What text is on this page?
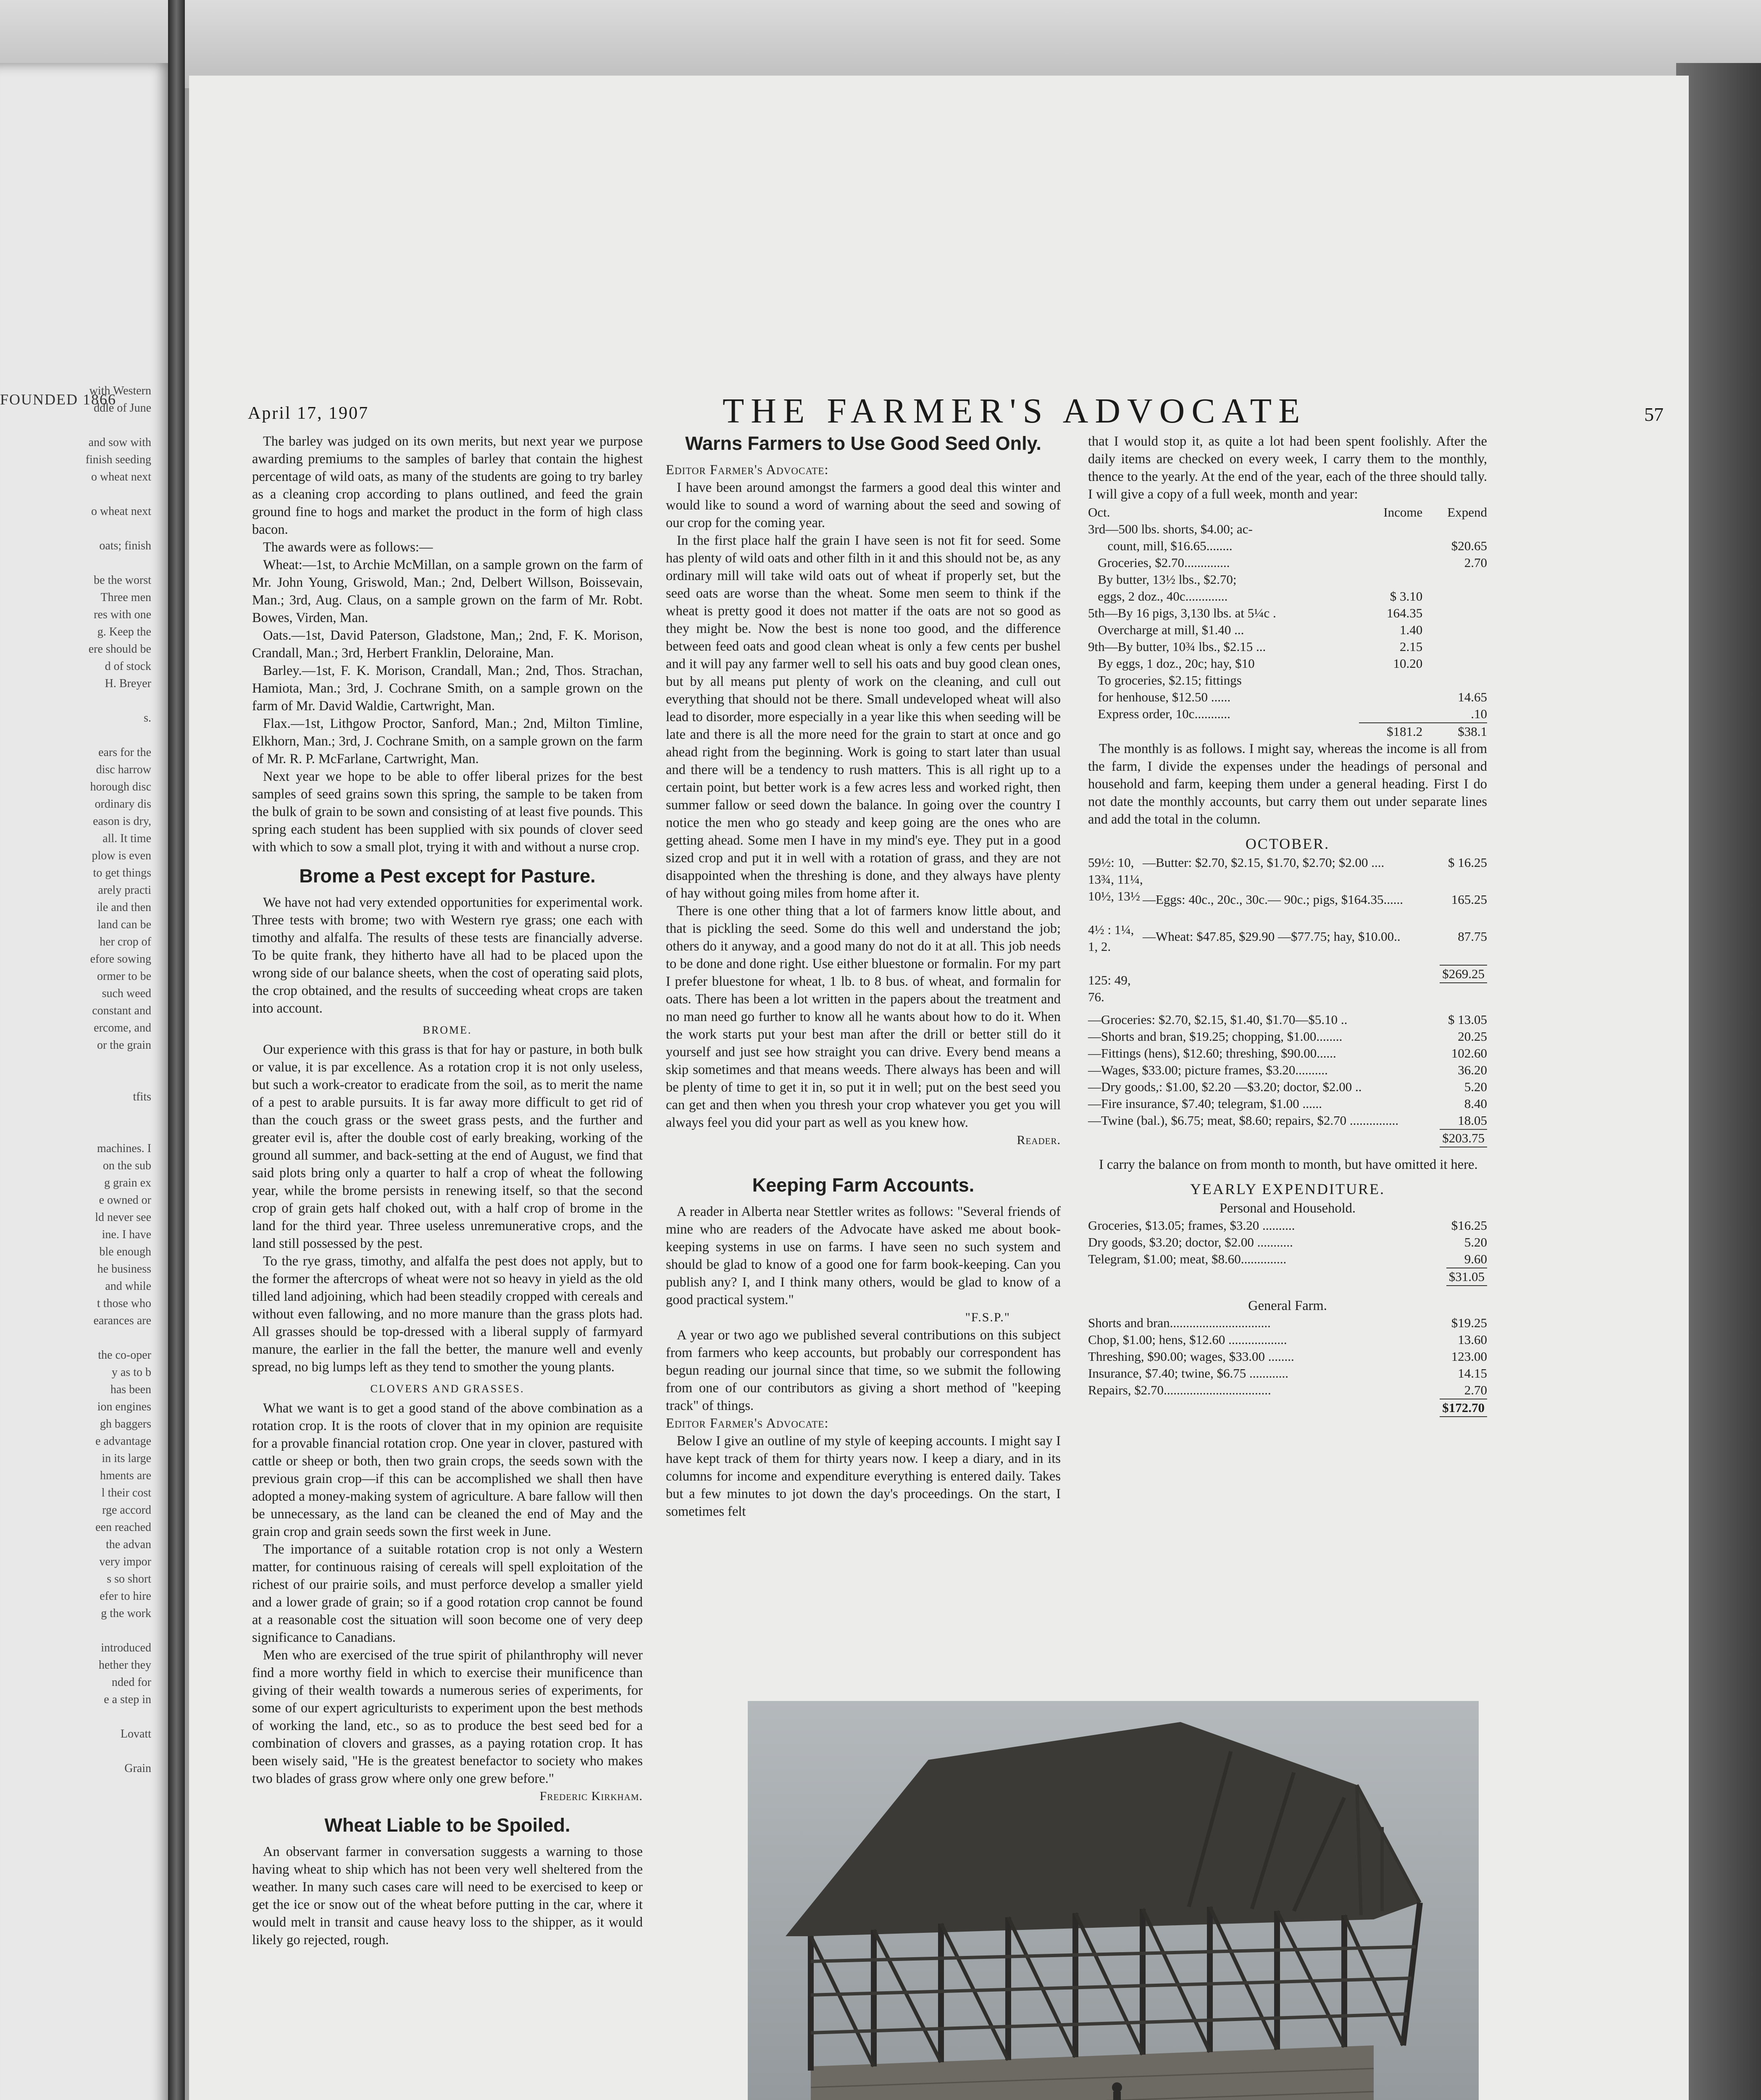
FOUNDED 1866
with Western
ddle of June

and sow with
finish seeding
o wheat next

o wheat next

oats; finish

be the worst
Three men
res with one
g. Keep the
ere should be
d of stock
H. Breyer

s.

ears for the
disc harrow
horough disc
ordinary dis
eason is dry,
all. It time
plow is even
to get things
arely practi
ile and then
land can be
her crop of
efore sowing
ormer to be
such weed
constant and
ercome, and
or the grain

tfits

machines. I
on the sub
g grain ex
e owned or
ld never see
ine. I have
ble enough
he business
and while
t those who
earances are

the co-oper
y as to b
has been
ion engines
gh baggers
e advantage
in its large
hments are
l their cost
rge accord
een reached
the advan
very impor
s so short
efer to hire
g the work

introduced
hether they
nded for
e a step in

Lovatt

Grain
April 17, 1907	THE FARMER'S ADVOCATE	57

The barley was judged on its own merits, but next year we purpose awarding premiums to the samples of barley that contain the highest percentage of wild oats, as many of the students are going to try barley as a cleaning crop according to plans outlined, and feed the grain ground fine to hogs and market the product in the form of high class bacon.

The awards were as follows:—

Wheat:—1st, to Archie McMillan, on a sample grown on the farm of Mr. John Young, Griswold, Man.; 2nd, Delbert Willson, Boissevain, Man.; 3rd, Aug. Claus, on a sample grown on the farm of Mr. Robt. Bowes, Virden, Man.

Oats.—1st, David Paterson, Gladstone, Man,; 2nd, F. K. Morison, Crandall, Man.; 3rd, Herbert Franklin, Deloraine, Man.

Barley.—1st, F. K. Morison, Crandall, Man.; 2nd, Thos. Strachan, Hamiota, Man.; 3rd, J. Cochrane Smith, on a sample grown on the farm of Mr. David Waldie, Cartwright, Man.

Flax.—1st, Lithgow Proctor, Sanford, Man.; 2nd, Milton Timline, Elkhorn, Man.; 3rd, J. Cochrane Smith, on a sample grown on the farm of Mr. R. P. McFarlane, Cartwright, Man.

Next year we hope to be able to offer liberal prizes for the best samples of seed grains sown this spring, the sample to be taken from the bulk of grain to be sown and consisting of at least five pounds. This spring each student has been supplied with six pounds of clover seed with which to sow a small plot, trying it with and without a nurse crop.

Brome a Pest except for Pasture.

We have not had very extended opportunities for experimental work. Three tests with brome; two with Western rye grass; one each with timothy and alfalfa. The results of these tests are financially adverse. To be quite frank, they hitherto have all had to be placed upon the wrong side of our balance sheets, when the cost of operating said plots, the crop obtained, and the results of succeeding wheat crops are taken into account.

BROME.

Our experience with this grass is that for hay or pasture, in both bulk or value, it is par excellence. As a rotation crop it is not only useless, but such a work-creator to eradicate from the soil, as to merit the name of a pest to arable pursuits. It is far away more difficult to get rid of than the couch grass or the sweet grass pests, and the further and greater evil is, after the double cost of early breaking, working of the ground all summer, and back-setting at the end of August, we find that said plots bring only a quarter to half a crop of wheat the following year, while the brome persists in renewing itself, so that the second crop of grain gets half choked out, with a half crop of brome in the land for the third year. Three useless unremunerative crops, and the land still possessed by the pest.

To the rye grass, timothy, and alfalfa the pest does not apply, but to the former the aftercrops of wheat were not so heavy in yield as the old tilled land adjoining, which had been steadily cropped with cereals and without even fallowing, and no more manure than the grass plots had. All grasses should be top-dressed with a liberal supply of farmyard manure, the earlier in the fall the better, the manure well and evenly spread, no big lumps left as they tend to smother the young plants.

CLOVERS AND GRASSES.

What we want is to get a good stand of the above combination as a rotation crop. It is the roots of clover that in my opinion are requisite for a provable financial rotation crop. One year in clover, pastured with cattle or sheep or both, then two grain crops, the seeds sown with the previous grain crop—if this can be accomplished we shall then have adopted a money-making system of agriculture. A bare fallow will then be unnecessary, as the land can be cleaned the end of May and the grain crop and grain seeds sown the first week in June.

The importance of a suitable rotation crop is not only a Western matter, for continuous raising of cereals will spell exploitation of the richest of our prairie soils, and must perforce develop a smaller yield and a lower grade of grain; so if a good rotation crop cannot be found at a reasonable cost the situation will soon become one of very deep significance to Canadians.

Men who are exercised of the true spirit of philanthrophy will never find a more worthy field in which to exercise their munificence than giving of their wealth towards a numerous series of experiments, for some of our expert agriculturists to experiment upon the best methods of working the land, etc., so as to produce the best seed bed for a combination of clovers and grasses, as a paying rotation crop. It has been wisely said, "He is the greatest benefactor to society who makes two blades of grass grow where only one grew before."

Frederic Kirkham.
Wheat Liable to be Spoiled.

An observant farmer in conversation suggests a warning to those having wheat to ship which has not been very well sheltered from the weather. In many such cases care will need to be exercised to keep or get the ice or snow out of the wheat before putting in the car, where it would melt in transit and cause heavy loss to the shipper, as it would likely go rejected, rough.

Warns Farmers to Use Good Seed Only.

Editor Farmer's Advocate:

I have been around amongst the farmers a good deal this winter and would like to sound a word of warning about the seed and sowing of our crop for the coming year.

In the first place half the grain I have seen is not fit for seed. Some has plenty of wild oats and other filth in it and this should not be, as any ordinary mill will take wild oats out of wheat if properly set, but the seed oats are worse than the wheat. Some men seem to think if the wheat is pretty good it does not matter if the oats are not so good as they might be. Now the best is none too good, and the difference between feed oats and good clean wheat is only a few cents per bushel and it will pay any farmer well to sell his oats and buy good clean ones, but by all means put plenty of work on the cleaning, and cull out everything that should not be there. Small undeveloped wheat will also lead to disorder, more especially in a year like this when seeding will be late and there is all the more need for the grain to start at once and go ahead right from the beginning. Work is going to start later than usual and there will be a tendency to rush matters. This is all right up to a certain point, but better work is a few acres less and worked right, then summer fallow or seed down the balance. In going over the country I notice the men who go steady and keep going are the ones who are getting ahead. Some men I have in my mind's eye. They put in a good sized crop and put it in well with a rotation of grass, and they are not disappointed when the threshing is done, and they always have plenty of hay without going miles from home after it.

There is one other thing that a lot of farmers know little about, and that is pickling the seed. Some do this well and understand the job; others do it anyway, and a good many do not do it at all. This job needs to be done and done right. Use either bluestone or formalin. For my part I prefer bluestone for wheat, 1 lb. to 8 bus. of wheat, and formalin for oats. There has been a lot written in the papers about the treatment and no man need go further to know all he wants about how to do it. When the work starts put your best man after the drill or better still do it yourself and just see how straight you can drive. Every bend means a skip sometimes and that means weeds. There always has been and will be plenty of time to get it in, so put it in well; put on the best seed you can get and then when you thresh your crop whatever you get you will always feel you did your part as well as you knew how.

Reader.
Keeping Farm Accounts.

A reader in Alberta near Stettler writes as follows: "Several friends of mine who are readers of the Advocate have asked me about book-keeping systems in use on farms. I have seen no such system and should be glad to know of a good one for farm book-keeping. Can you publish any? I, and I think many others, would be glad to know of a good practical system."

"F.S.P."

A year or two ago we published several contributions on this subject from farmers who keep accounts, but probably our correspondent has begun reading our journal since that time, so we submit the following from one of our contributors as giving a short method of "keeping track" of things.

Editor Farmer's Advocate:

Below I give an outline of my style of keeping accounts. I might say I have kept track of them for thirty years now. I keep a diary, and in its columns for income and expenditure everything is entered daily. Takes but a few minutes to jot down the day's proceedings. On the start, I sometimes felt

that I would stop it, as quite a lot had been spent foolishly. After the daily items are checked on every week, I carry them to the monthly, thence to the yearly. At the end of the year, each of the three should tally. I will give a copy of a full week, month and year:

Oct.	Income	Expend
3rd—500 lbs. shorts, $4.00; ac-		
count, mill, $16.65........		$20.65
Groceries, $2.70..............		2.70
By butter, 13½ lbs., $2.70;		
eggs, 2 doz., 40c.............	$ 3.10	
5th—By 16 pigs, 3,130 lbs. at 5¼c .	164.35	
Overcharge at mill, $1.40 ...	1.40	
9th—By butter, 10¾ lbs., $2.15 ...	2.15	
By eggs, 1 doz., 20c; hay, $10	10.20	
To groceries, $2.15; fittings		
for henhouse, $12.50 ......		14.65
Express order, 10c...........		.10
	$181.2	$38.1

The monthly is as follows. I might say, whereas the income is all from the farm, I divide the expenses under the headings of personal and household and farm, keeping them under a general heading. First I do not date the monthly accounts, but carry them out under separate lines and add the total in the column.

OCTOBER.
59½: 10,
13¾, 11¼,
10½, 13½

4½ : 1¼,
1, 2.

125: 49,
76.
—Butter: $2.70, $2.15, $1.70, $2.70; $2.00 ....	$ 16.25
—Eggs: 40c., 20c., 30c.— 90c.; pigs, $164.35......	165.25
—Wheat: $47.85, $29.90 —$77.75; hay, $10.00..	87.75
	$269.25
—Groceries: $2.70, $2.15, $1.40, $1.70—$5.10 ..	$ 13.05
—Shorts and bran, $19.25; chopping, $1.00........	20.25
—Fittings (hens), $12.60; threshing, $90.00......	102.60
—Wages, $33.00; picture frames, $3.20..........	36.20
—Dry goods,: $1.00, $2.20 —$3.20; doctor, $2.00 ..	5.20
—Fire insurance, $7.40; telegram, $1.00 ......	8.40
—Twine (bal.), $6.75; meat, $8.60; repairs, $2.70 ...............	18.05
	$203.75

I carry the balance on from month to month, but have omitted it here.

YEARLY EXPENDITURE.
Personal and Household.
Groceries, $13.05; frames, $3.20 ..........	$16.25
Dry goods, $3.20; doctor, $2.00 ...........	5.20
Telegram, $1.00; meat, $8.60..............	9.60
	$31.05
General Farm.
Shorts and bran...............................	$19.25
Chop, $1.00; hens, $12.60 ..................	13.60
Threshing, $90.00; wages, $33.00 ........	123.00
Insurance, $7.40; twine, $6.75 ............	14.15
Repairs, $2.70.................................	2.70
	$172.70
